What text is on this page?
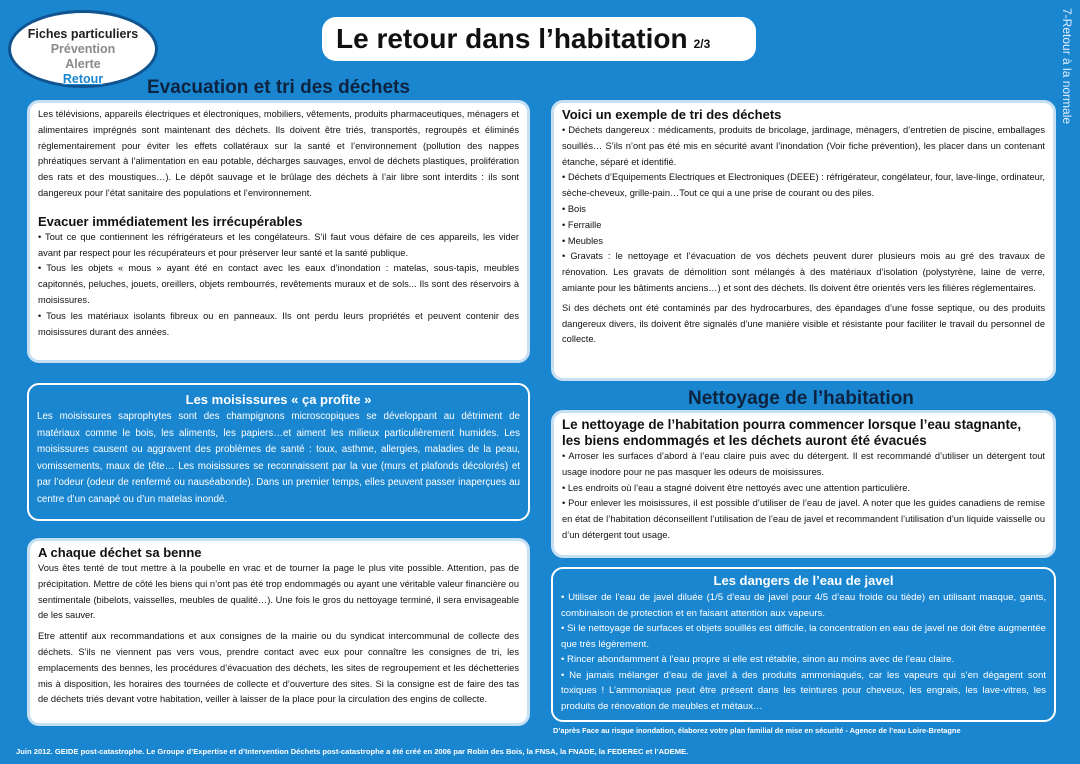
Fiches particuliers
Prévention
Alerte
Retour
Le retour dans l’habitation 2/3	7-Retour à la normale
Evacuation et tri des déchets

Les télévisions, appareils électriques et électroniques, mobiliers, vêtements, produits pharmaceutiques, ménagers et alimentaires imprégnés sont maintenant des déchets. Ils doivent être triés, transportés, regroupés et éliminés réglementairement pour éviter les effets collatéraux sur la santé et l’environnement (pollution des nappes phréatiques servant à l’alimentation en eau potable, décharges sauvages, envol de déchets plastiques, prolifération des rats et des moustiques…). Le dépôt sauvage et le brûlage des déchets à l’air libre sont interdits : ils sont dangereux pour l’état sanitaire des populations et l’environnement.

Evacuer immédiatement les irrécupérables

• Tout ce que contiennent les réfrigérateurs et les congélateurs. S’il faut vous défaire de ces appareils, les vider avant par respect pour les récupérateurs et pour préserver leur santé et la santé publique.

• Tous les objets « mous » ayant été en contact avec les eaux d’inondation : matelas, sous-tapis, meubles capitonnés, peluches, jouets, oreillers, objets rembourrés, revêtements muraux et de sols... Ils sont des réservoirs à moisissures.

• Tous les matériaux isolants fibreux ou en panneaux. Ils ont perdu leurs propriétés et peuvent contenir des moisissures durant des années.

Les moisissures « ça profite »

Les moisissures saprophytes sont des champignons microscopiques se développant au détriment de matériaux comme le bois, les aliments, les papiers…et aiment les milieux particulièrement humides. Les moisissures causent ou aggravent des problèmes de santé : toux, asthme, allergies, maladies de la peau, vomissements, maux de tête… Les moisissures se reconnaissent par la vue (murs et plafonds décolorés) et par l’odeur (odeur de renfermé ou nauséabonde). Dans un premier temps, elles peuvent passer inaperçues au centre d’un canapé ou d’un matelas inondé.

A chaque déchet sa benne

Vous êtes tenté de tout mettre à la poubelle en vrac et de tourner la page le plus vite possible. Attention, pas de précipitation. Mettre de côté les biens qui n’ont pas été trop endommagés ou ayant une véritable valeur financière ou sentimentale (bibelots, vaisselles, meubles de qualité…). Une fois le gros du nettoyage terminé, il sera envisageable de les sauver.

Etre attentif aux recommandations et aux consignes de la mairie ou du syndicat intercommunal de collecte des déchets. S’ils ne viennent pas vers vous, prendre contact avec eux pour connaître les consignes de tri, les emplacements des bennes, les procédures d’évacuation des déchets, les sites de regroupement et les déchetteries mis à disposition, les horaires des tournées de collecte et d’ouverture des sites. Si la consigne est de faire des tas de déchets triés devant votre habitation, veiller à laisser de la place pour la circulation des engins de collecte.

Voici un exemple de tri des déchets

• Déchets dangereux : médicaments, produits de bricolage, jardinage, ménagers, d’entretien de piscine, emballages souillés… S’ils n’ont pas été mis en sécurité avant l’inondation (Voir fiche prévention), les placer dans un contenant étanche, séparé et identifié.

• Déchets d’Equipements Electriques et Electroniques (DEEE) : réfrigérateur, congélateur, four, lave-linge, ordinateur, sèche-cheveux, grille-pain…Tout ce qui a une prise de courant ou des piles.

• Bois

• Ferraille

• Meubles

• Gravats : le nettoyage et l’évacuation de vos déchets peuvent durer plusieurs mois au gré des travaux de rénovation. Les gravats de démolition sont mélangés à des matériaux d’isolation (polystyrène, laine de verre, amiante pour les bâtiments anciens…) et sont des déchets. Ils doivent être orientés vers les filières réglementaires.

Si des déchets ont été contaminés par des hydrocarbures, des épandages d’une fosse septique, ou des produits dangereux divers, ils doivent être signalés d’une manière visible et résistante pour faciliter le travail du personnel de collecte.

Nettoyage de l’habitation
Le nettoyage de l’habitation pourra commencer lorsque l’eau stagnante,
les biens endommagés et les déchets auront été évacués

• Arroser les surfaces d’abord à l’eau claire puis avec du détergent. Il est recommandé d’utiliser un détergent tout usage inodore pour ne pas masquer les odeurs de moisissures.

• Les endroits où l’eau a stagné doivent être nettoyés avec une attention particulière.

• Pour enlever les moisissures, il est possible d’utiliser de l’eau de javel. A noter que les guides canadiens de remise en état de l’habitation déconseillent l’utilisation de l’eau de javel et recommandent l’utilisation d’un liquide vaisselle ou d’un détergent tout usage.

Les dangers de l’eau de javel

• Utiliser de l’eau de javel diluée (1/5 d’eau de javel pour 4/5 d’eau froide ou tiède) en utilisant masque, gants, combinaison de protection et en faisant attention aux vapeurs.

• Si le nettoyage de surfaces et objets souillés est difficile, la concentration en eau de javel ne doit être augmentée que très légèrement.

• Rincer abondamment à l’eau propre si elle est rétablie, sinon au moins avec de l’eau claire.

• Ne jamais mélanger d’eau de javel à des produits ammoniaqués, car les vapeurs qui s’en dégagent sont toxiques ! L’ammoniaque peut être présent dans les teintures pour cheveux, les engrais, les lave-vitres, les produits de rénovation de meubles et métaux…

D’après Face au risque inondation, élaborez votre plan familial de mise en sécurité - Agence de l’eau Loire-Bretagne
Juin 2012. GEIDE post-catastrophe. Le Groupe d’Expertise et d’Intervention Déchets post-catastrophe a été créé en 2006 par Robin des Bois, la FNSA, la FNADE, la FEDEREC et l’ADEME.
